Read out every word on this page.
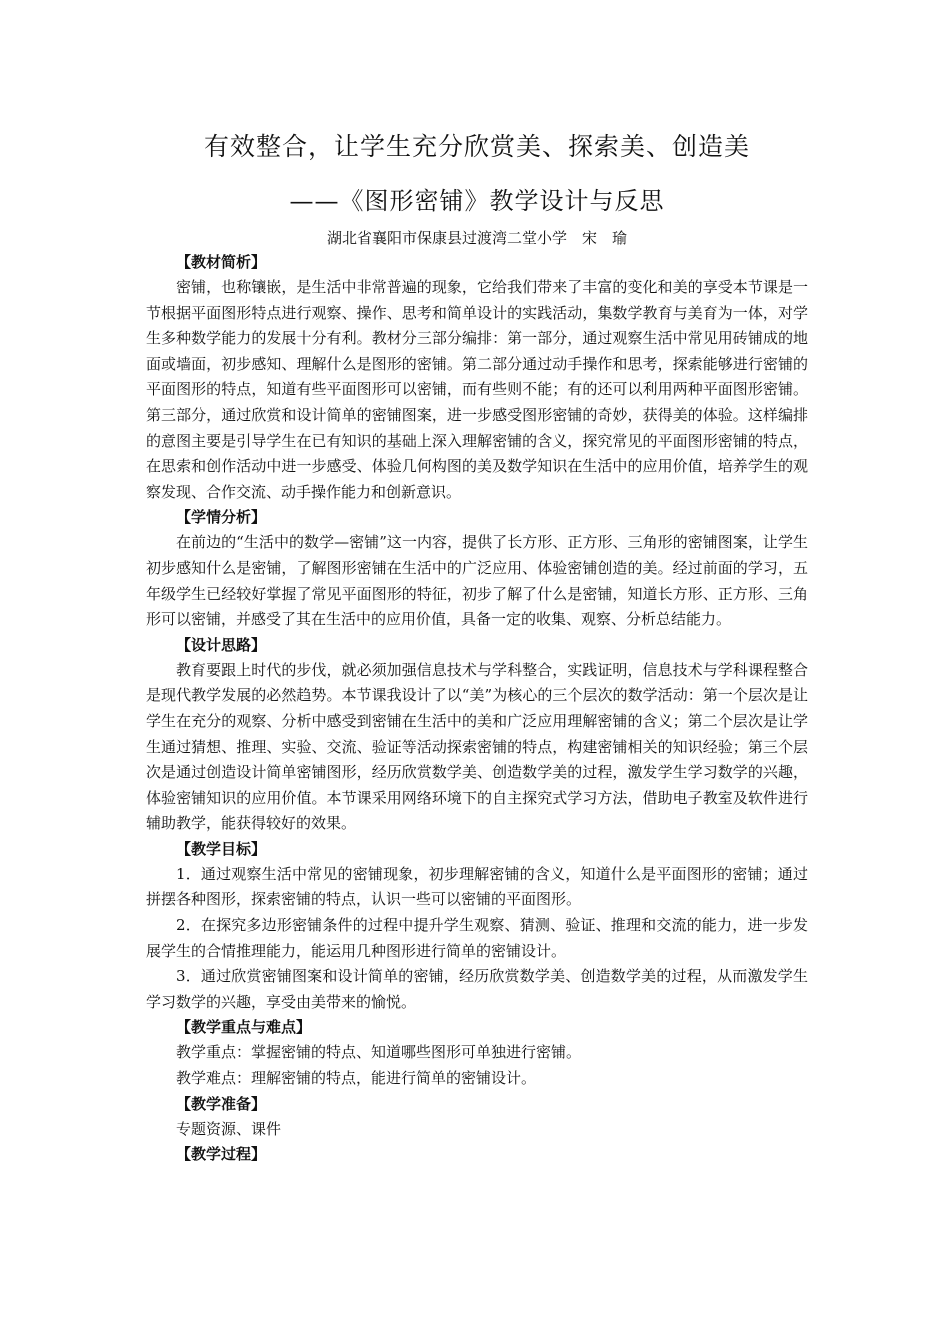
有效整合，让学生充分欣赏美、探索美、创造美
——《图形密铺》教学设计与反思
湖北省襄阳市保康县过渡湾二堂小学　宋　瑜
【教材简析】

密铺，也称镶嵌，是生活中非常普遍的现象，它给我们带来了丰富的变化和美的享受本节课是一节根据平面图形特点进行观察、操作、思考和简单设计的实践活动，集数学教育与美育为一体，对学生多种数学能力的发展十分有利。教材分三部分编排：第一部分，通过观察生活中常见用砖铺成的地面或墙面，初步感知、理解什么是图形的密铺。第二部分通过动手操作和思考，探索能够进行密铺的平面图形的特点，知道有些平面图形可以密铺，而有些则不能；有的还可以利用两种平面图形密铺。第三部分，通过欣赏和设计简单的密铺图案，进一步感受图形密铺的奇妙，获得美的体验。这样编排的意图主要是引导学生在已有知识的基础上深入理解密铺的含义，探究常见的平面图形密铺的特点，在思索和创作活动中进一步感受、体验几何构图的美及数学知识在生活中的应用价值，培养学生的观察发现、合作交流、动手操作能力和创新意识。

【学情分析】

在前边的“生活中的数学—密铺”这一内容，提供了长方形、正方形、三角形的密铺图案，让学生初步感知什么是密铺，了解图形密铺在生活中的广泛应用、体验密铺创造的美。经过前面的学习，五年级学生已经较好掌握了常见平面图形的特征，初步了解了什么是密铺，知道长方形、正方形、三角形可以密铺，并感受了其在生活中的应用价值，具备一定的收集、观察、分析总结能力。

【设计思路】

教育要跟上时代的步伐，就必须加强信息技术与学科整合，实践证明，信息技术与学科课程整合是现代教学发展的必然趋势。本节课我设计了以“美”为核心的三个层次的数学活动：第一个层次是让学生在充分的观察、分析中感受到密铺在生活中的美和广泛应用理解密铺的含义；第二个层次是让学生通过猜想、推理、实验、交流、验证等活动探索密铺的特点，构建密铺相关的知识经验；第三个层次是通过创造设计简单密铺图形，经历欣赏数学美、创造数学美的过程，激发学生学习数学的兴趣，体验密铺知识的应用价值。本节课采用网络环境下的自主探究式学习方法，借助电子教室及软件进行辅助教学，能获得较好的效果。

【教学目标】

1．通过观察生活中常见的密铺现象，初步理解密铺的含义，知道什么是平面图形的密铺；通过拼摆各种图形，探索密铺的特点，认识一些可以密铺的平面图形。

2．在探究多边形密铺条件的过程中提升学生观察、猜测、验证、推理和交流的能力，进一步发展学生的合情推理能力，能运用几种图形进行简单的密铺设计。

3．通过欣赏密铺图案和设计简单的密铺，经历欣赏数学美、创造数学美的过程，从而激发学生学习数学的兴趣，享受由美带来的愉悦。

【教学重点与难点】
教学重点：掌握密铺的特点、知道哪些图形可单独进行密铺。
教学难点：理解密铺的特点，能进行简单的密铺设计。
【教学准备】
专题资源、课件
【教学过程】
